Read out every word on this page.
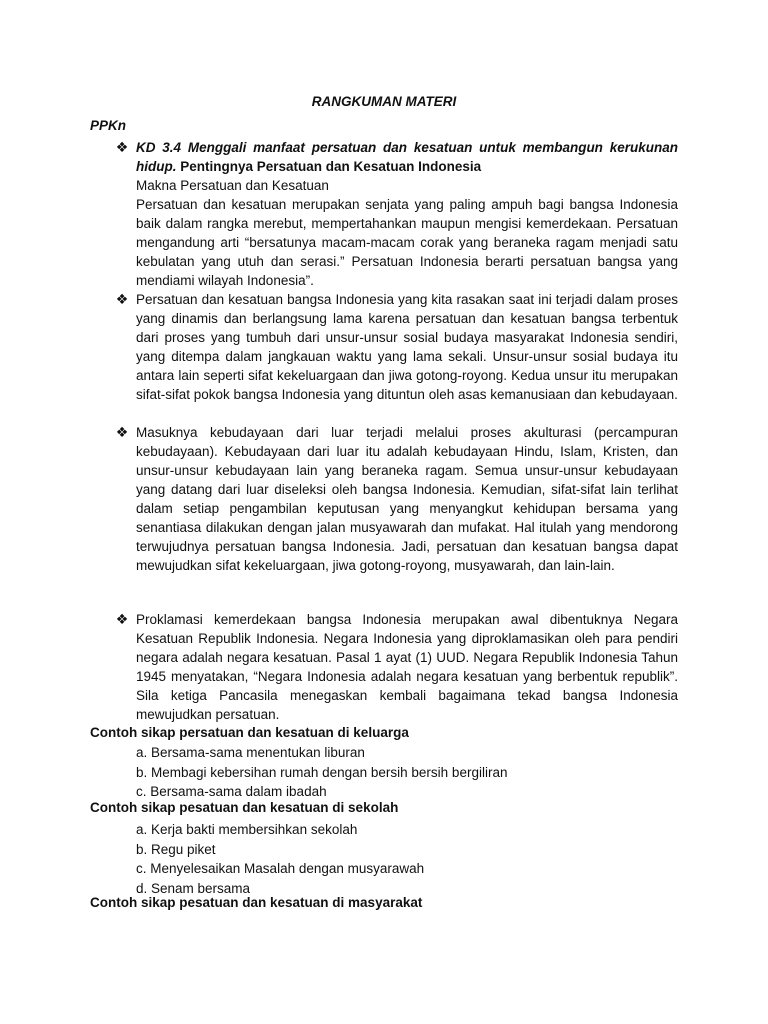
RANGKUMAN MATERI
PPKn
❖ KD 3.4 Menggali manfaat persatuan dan kesatuan untuk membangun kerukunan hidup. Pentingnya Persatuan dan Kesatuan Indonesia

Makna Persatuan dan Kesatuan

Persatuan dan kesatuan merupakan senjata yang paling ampuh bagi bangsa Indonesia baik dalam rangka merebut, mempertahankan maupun mengisi kemerdekaan. Persatuan mengandung arti “bersatunya macam-macam corak yang beraneka ragam menjadi satu kebulatan yang utuh dan serasi.” Persatuan Indonesia berarti persatuan bangsa yang mendiami wilayah Indonesia”.

❖ Persatuan dan kesatuan bangsa Indonesia yang kita rasakan saat ini terjadi dalam proses yang dinamis dan berlangsung lama karena persatuan dan kesatuan bangsa terbentuk dari proses yang tumbuh dari unsur-unsur sosial budaya masyarakat Indonesia sendiri, yang ditempa dalam jangkauan waktu yang lama sekali. Unsur-unsur sosial budaya itu antara lain seperti sifat kekeluargaan dan jiwa gotong-royong. Kedua unsur itu merupakan sifat-sifat pokok bangsa Indonesia yang dituntun oleh asas kemanusiaan dan kebudayaan.

❖ Masuknya kebudayaan dari luar terjadi melalui proses akulturasi (percampuran kebudayaan). Kebudayaan dari luar itu adalah kebudayaan Hindu, Islam, Kristen, dan unsur-unsur kebudayaan lain yang beraneka ragam. Semua unsur-unsur kebudayaan yang datang dari luar diseleksi oleh bangsa Indonesia. Kemudian, sifat-sifat lain terlihat dalam setiap pengambilan keputusan yang menyangkut kehidupan bersama yang senantiasa dilakukan dengan jalan musyawarah dan mufakat. Hal itulah yang mendorong terwujudnya persatuan bangsa Indonesia. Jadi, persatuan dan kesatuan bangsa dapat mewujudkan sifat kekeluargaan, jiwa gotong-royong, musyawarah, dan lain-lain.

❖ Proklamasi kemerdekaan bangsa Indonesia merupakan awal dibentuknya Negara Kesatuan Republik Indonesia. Negara Indonesia yang diproklamasikan oleh para pendiri negara adalah negara kesatuan. Pasal 1 ayat (1) UUD. Negara Republik Indonesia Tahun 1945 menyatakan, “Negara Indonesia adalah negara kesatuan yang berbentuk republik”. Sila ketiga Pancasila menegaskan kembali bagaimana tekad bangsa Indonesia mewujudkan persatuan.

Contoh sikap persatuan dan kesatuan di keluarga
a. Bersama-sama menentukan liburan
b. Membagi kebersihan rumah dengan bersih bersih bergiliran
c. Bersama-sama dalam ibadah
Contoh sikap pesatuan dan kesatuan di sekolah
a. Kerja bakti membersihkan sekolah
b. Regu piket
c. Menyelesaikan Masalah dengan musyarawah
d. Senam bersama
Contoh sikap pesatuan dan kesatuan di masyarakat
